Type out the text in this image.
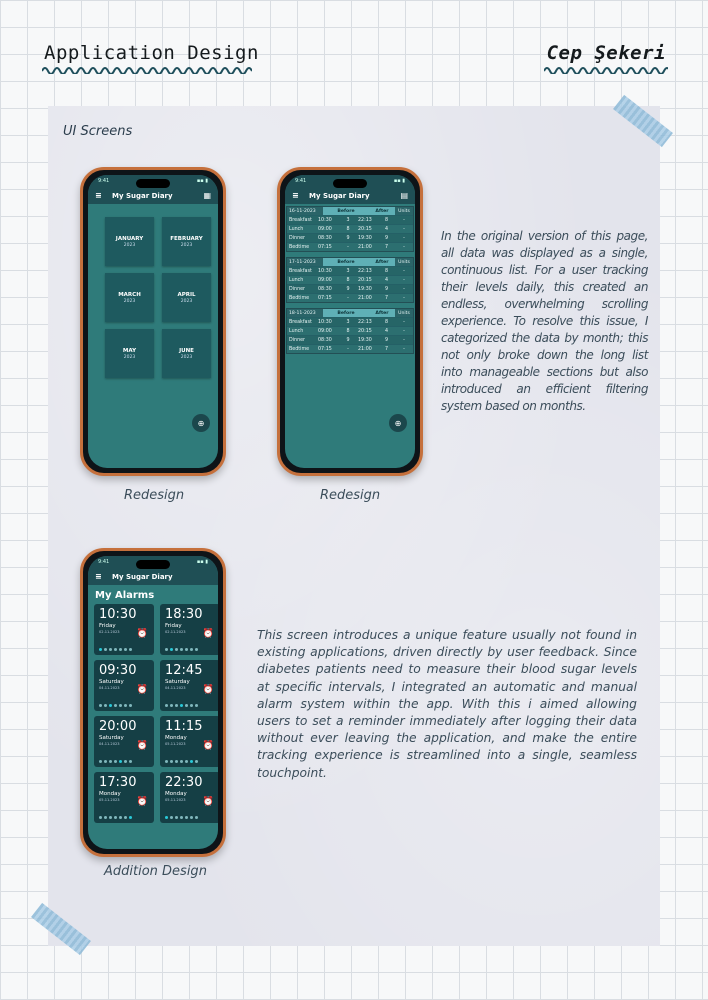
Application Design	Cep Şekeri
UI Screens
9:41	▪▪ ▮
≡ My Sugar Diary	▦
JANUARY
2023
FEBRUARY
2023
MARCH
2023
APRIL
2023
MAY
2023
JUNE
2023
⊕
9:41	▪▪ ▮
≡ My Sugar Diary	▤
16-11-2023	Before	After	Units
Breakfast	10:30	3	22:13	8	-
Lunch	09:00	8	20:15	4	-
Dinner	08:30	9	19:30	9	-
Bedtime	07:15	-	21:00	7	-
17-11-2023	Before	After	Units
Breakfast	10:30	3	22:13	8	-
Lunch	09:00	8	20:15	4	-
Dinner	08:30	9	19:30	9	-
Bedtime	07:15	-	21:00	7	-
18-11-2023	Before	After	Units
Breakfast	10:30	3	22:13	8	-
Lunch	09:00	8	20:15	4	-
Dinner	08:30	9	19:30	9	-
Bedtime	07:15	-	21:00	7	-
⊕
9:41	▪▪ ▮
≡ My Sugar Diary
My Alarms
10:30
Friday
02.11.2023	⏰
18:30
Friday
02.11.2023	⏰
09:30
Saturday
04.11.2023	⏰
12:45
Saturday
04.11.2023	⏰
20:00
Saturday
04.11.2023	⏰
11:15
Monday
05.11.2023	⏰
17:30
Monday
05.11.2023	⏰
22:30
Monday
05.11.2023	⏰
Redesign	Redesign
Addition Design
In the original version of this page, all data was displayed as a single, continuous list. For a user tracking their levels daily, this created an endless, overwhelming scrolling experience. To resolve this issue, I categorized the data by month; this not only broke down the long list into manageable sections but also introduced an efficient filtering system based on months.
This screen introduces a unique feature usually not found in existing applications, driven directly by user feedback. Since diabetes patients need to measure their blood sugar levels at specific intervals, I integrated an automatic and manual alarm system within the app. With this i aimed allowing users to set a reminder immediately after logging their data without ever leaving the application, and make the entire tracking experience is streamlined into a single, seamless touchpoint.
